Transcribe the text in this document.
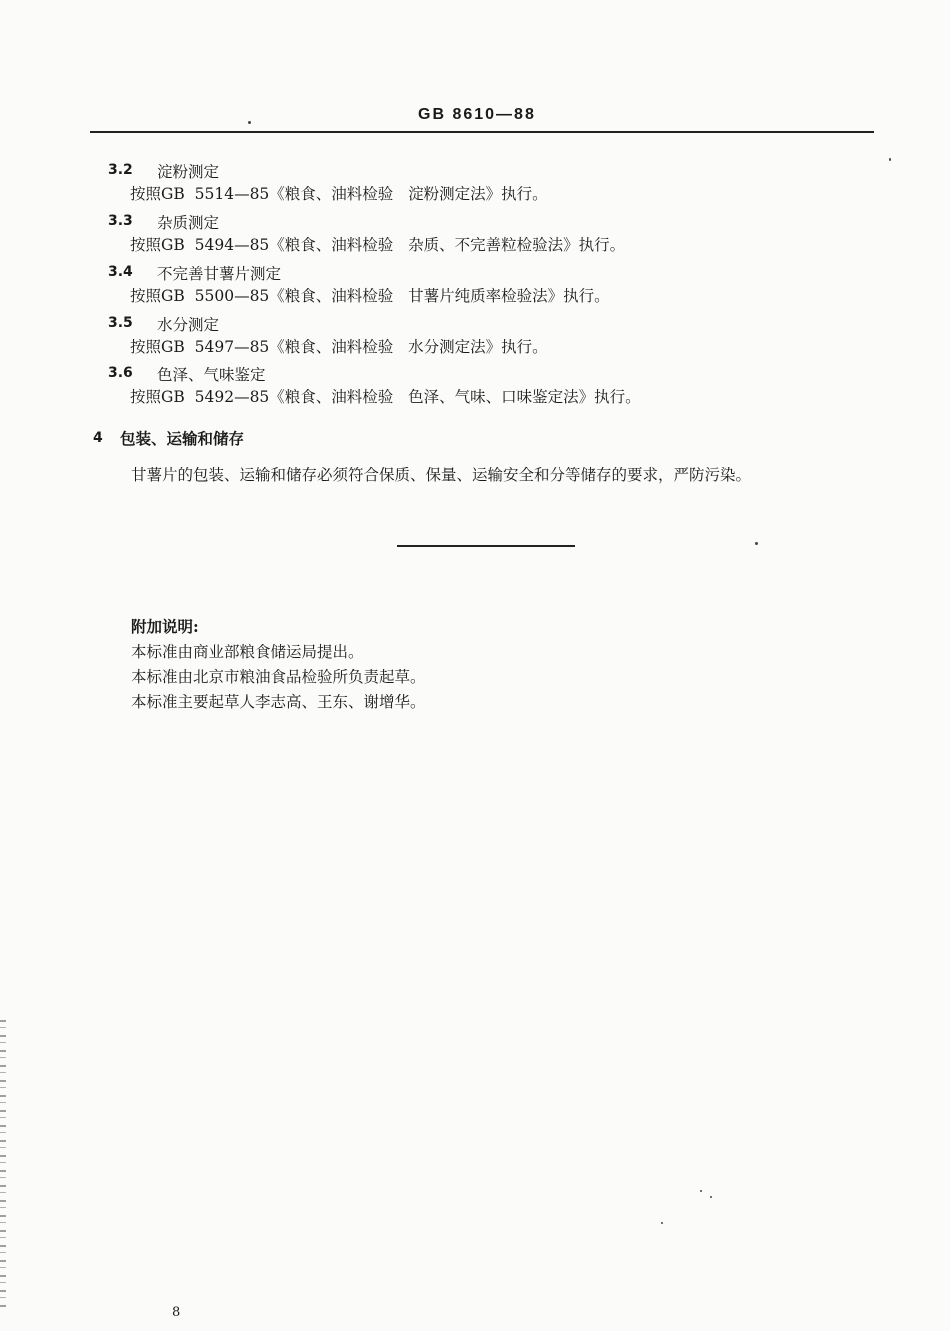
GB 8610—88
3.2 淀粉测定
按照GB  5514—85《粮食、油料检验   淀粉测定法》执行。
3.3 杂质测定
按照GB  5494—85《粮食、油料检验   杂质、不完善粒检验法》执行。
3.4 不完善甘薯片测定
按照GB  5500—85《粮食、油料检验   甘薯片纯质率检验法》执行。
3.5 水分测定
按照GB  5497—85《粮食、油料检验   水分测定法》执行。
3.6 色泽、气味鉴定
按照GB  5492—85《粮食、油料检验   色泽、气味、口味鉴定法》执行。
4 包装、运输和储存
甘薯片的包装、运输和储存必须符合保质、保量、运输安全和分等储存的要求，严防污染。
附加说明:
本标准由商业部粮食储运局提出。
本标准由北京市粮油食品检验所负责起草。
本标准主要起草人李志高、王东、谢增华。
8
